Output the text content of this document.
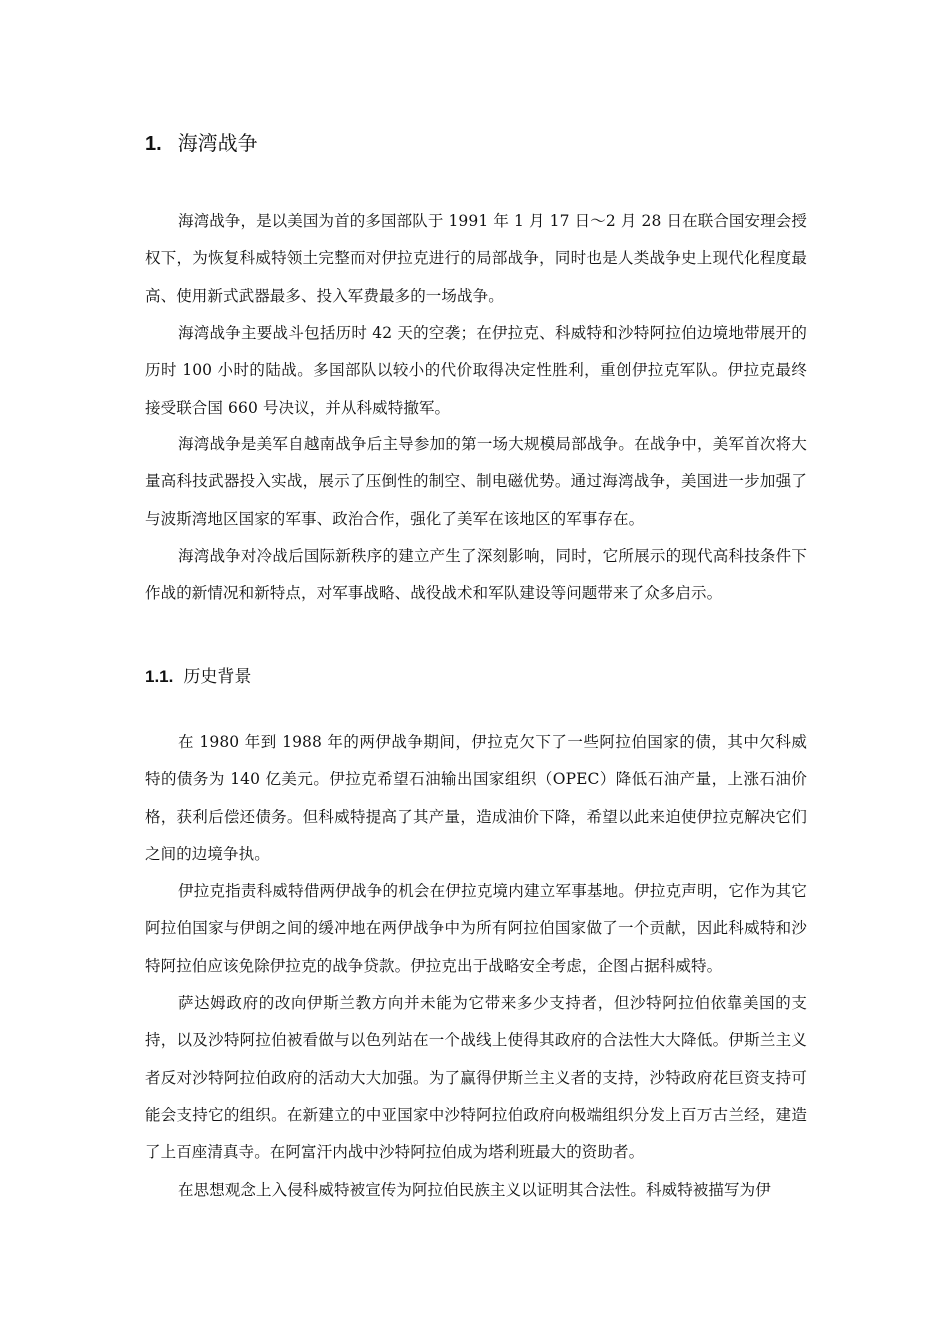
1. 海湾战争

海湾战争，是以美国为首的多国部队于 1991 年 1 月 17 日～2 月 28 日在联合国安理会授权下，为恢复科威特领土完整而对伊拉克进行的局部战争，同时也是人类战争史上现代化程度最高、使用新式武器最多、投入军费最多的一场战争。

海湾战争主要战斗包括历时 42 天的空袭；在伊拉克、科威特和沙特阿拉伯边境地带展开的历时 100 小时的陆战。多国部队以较小的代价取得决定性胜利，重创伊拉克军队。伊拉克最终接受联合国 660 号决议，并从科威特撤军。

海湾战争是美军自越南战争后主导参加的第一场大规模局部战争。在战争中，美军首次将大量高科技武器投入实战，展示了压倒性的制空、制电磁优势。通过海湾战争，美国进一步加强了与波斯湾地区国家的军事、政治合作，强化了美军在该地区的军事存在。

海湾战争对冷战后国际新秩序的建立产生了深刻影响，同时，它所展示的现代高科技条件下作战的新情况和新特点，对军事战略、战役战术和军队建设等问题带来了众多启示。

1.1. 历史背景

在 1980 年到 1988 年的两伊战争期间，伊拉克欠下了一些阿拉伯国家的债，其中欠科威特的债务为 140 亿美元。伊拉克希望石油输出国家组织（OPEC）降低石油产量，上涨石油价格，获利后偿还债务。但科威特提高了其产量，造成油价下降，希望以此来迫使伊拉克解决它们之间的边境争执。

伊拉克指责科威特借两伊战争的机会在伊拉克境内建立军事基地。伊拉克声明，它作为其它阿拉伯国家与伊朗之间的缓冲地在两伊战争中为所有阿拉伯国家做了一个贡献，因此科威特和沙特阿拉伯应该免除伊拉克的战争贷款。伊拉克出于战略安全考虑，企图占据科威特。

萨达姆政府的改向伊斯兰教方向并未能为它带来多少支持者，但沙特阿拉伯依靠美国的支持，以及沙特阿拉伯被看做与以色列站在一个战线上使得其政府的合法性大大降低。伊斯兰主义者反对沙特阿拉伯政府的活动大大加强。为了赢得伊斯兰主义者的支持，沙特政府花巨资支持可能会支持它的组织。在新建立的中亚国家中沙特阿拉伯政府向极端组织分发上百万古兰经，建造了上百座清真寺。在阿富汗内战中沙特阿拉伯成为塔利班最大的资助者。

在思想观念上入侵科威特被宣传为阿拉伯民族主义以证明其合法性。科威特被描写为伊
